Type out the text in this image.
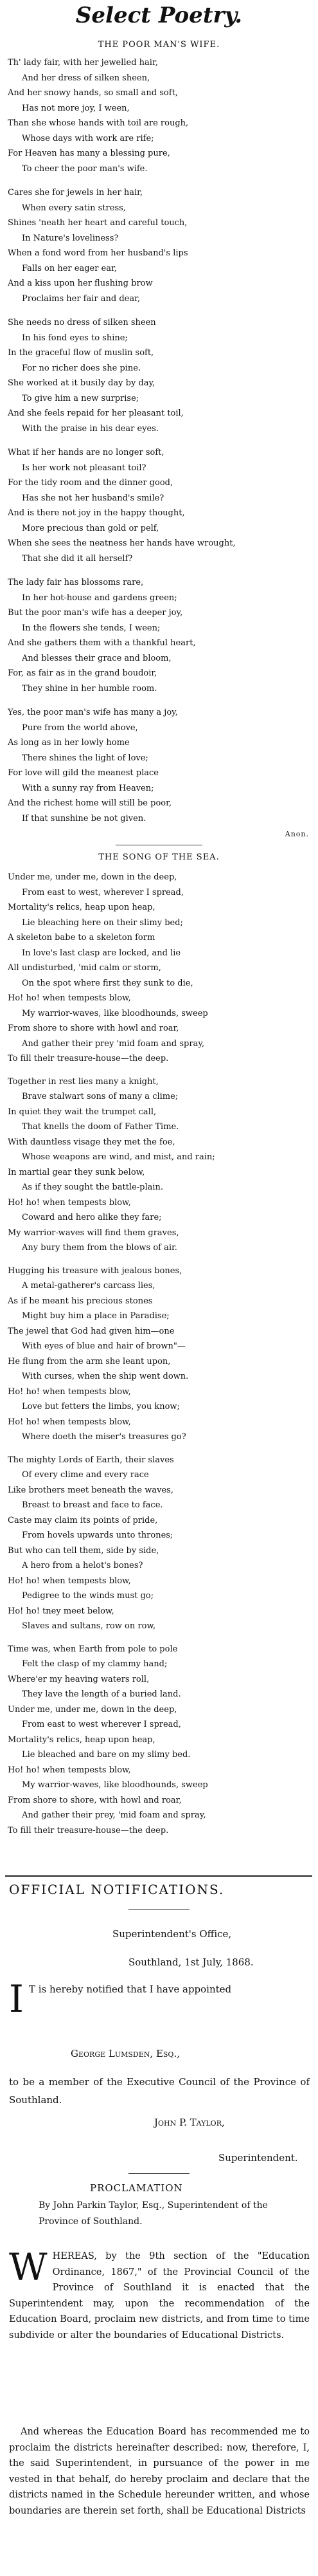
Select Poetry.
THE POOR MAN'S WIFE.
Th' lady fair, with her jewelled hair,
And her dress of silken sheen,
And her snowy hands, so small and soft,
Has not more joy, I ween,
Than she whose hands with toil are rough,
Whose days with work are rife;
For Heaven has many a blessing pure,
To cheer the poor man's wife.
Cares she for jewels in her hair,
When every satin stress,
Shines 'neath her heart and careful touch,
In Nature's loveliness?
When a fond word from her husband's lips
Falls on her eager ear,
And a kiss upon her flushing brow
Proclaims her fair and dear,
She needs no dress of silken sheen
In his fond eyes to shine;
In the graceful flow of muslin soft,
For no richer does she pine.
She worked at it busily day by day,
To give him a new surprise;
And she feels repaid for her pleasant toil,
With the praise in his dear eyes.
What if her hands are no longer soft,
Is her work not pleasant toil?
For the tidy room and the dinner good,
Has she not her husband's smile?
And is there not joy in the happy thought,
More precious than gold or pelf,
When she sees the neatness her hands have wrought,
That she did it all herself?
The lady fair has blossoms rare,
In her hot-house and gardens green;
But the poor man's wife has a deeper joy,
In the flowers she tends, I ween;
And she gathers them with a thankful heart,
And blesses their grace and bloom,
For, as fair as in the grand boudoir,
They shine in her humble room.
Yes, the poor man's wife has many a joy,
Pure from the world above,
As long as in her lowly home
There shines the light of love;
For love will gild the meanest place
With a sunny ray from Heaven;
And the richest home will still be poor,
If that sunshine be not given.
Anon.
THE SONG OF THE SEA.
Under me, under me, down in the deep,
From east to west, wherever I spread,
Mortality's relics, heap upon heap,
Lie bleaching here on their slimy bed;
A skeleton babe to a skeleton form
In love's last clasp are locked, and lie
All undisturbed, 'mid calm or storm,
On the spot where first they sunk to die,
Ho! ho! when tempests blow,
My warrior-waves, like bloodhounds, sweep
From shore to shore with howl and roar,
And gather their prey 'mid foam and spray,
To fill their treasure-house—the deep.
Together in rest lies many a knight,
Brave stalwart sons of many a clime;
In quiet they wait the trumpet call,
That knells the doom of Father Time.
With dauntless visage they met the foe,
Whose weapons are wind, and mist, and rain;
In martial gear they sunk below,
As if they sought the battle-plain.
Ho! ho! when tempests blow,
Coward and hero alike they fare;
My warrior-waves will find them graves,
Any bury them from the blows of air.
Hugging his treasure with jealous bones,
A metal-gatherer's carcass lies,
As if he meant his precious stones
Might buy him a place in Paradise;
The jewel that God had given him—one
With eyes of blue and hair of brown"—
He flung from the arm she leant upon,
With curses, when the ship went down.
Ho! ho! when tempests blow,
Love but fetters the limbs, you know;
Ho! ho! when tempests blow,
Where doeth the miser's treasures go?
The mighty Lords of Earth, their slaves
Of every clime and every race
Like brothers meet beneath the waves,
Breast to breast and face to face.
Caste may claim its points of pride,
From hovels upwards unto thrones;
But who can tell them, side by side,
A hero from a helot's bones?
Ho! ho! when tempests blow,
Pedigree to the winds must go;
Ho! ho! tney meet below,
Slaves and sultans, row on row,
Time was, when Earth from pole to pole
Felt the clasp of my clammy hand;
Where'er my heaving waters roll,
They lave the length of a buried land.
Under me, under me, down in the deep,
From east to west wherever I spread,
Mortality's relics, heap upon heap,
Lie bleached and bare on my slimy bed.
Ho! ho! when tempests blow,
My warrior-waves, like bloodhounds, sweep
From shore to shore, with howl and roar,
And gather their prey, 'mid foam and spray,
To fill their treasure-house—the deep.
OFFICIAL NOTIFICATIONS.
Superintendent's Office,
Southland, 1st July, 1868.
I T is hereby notified that I have appointed
George Lumsden, Esq.,
to be a member of the Executive Council of the Province of Southland.
John P. Taylor,
Superintendent.
PROCLAMATION
By John Parkin Taylor, Esq., Superintendent of the Province of Southland.
WHEREAS, by the 9th section of the "Education Ordinance, 1867," of the Provincial Council of the Province of Southland it is enacted that the Superintendent may, upon the recommendation of the Education Board, proclaim new districts, and from time to time subdivide or alter the boundaries of Educational Districts.
And whereas the Education Board has recommended me to proclaim the districts hereinafter described: now, therefore, I, the said Superintendent, in pursuance of the power in me vested in that behalf, do hereby proclaim and declare that the districts named in the Schedule hereunder written, and whose boundaries are therein set forth, shall be Educational Districts
